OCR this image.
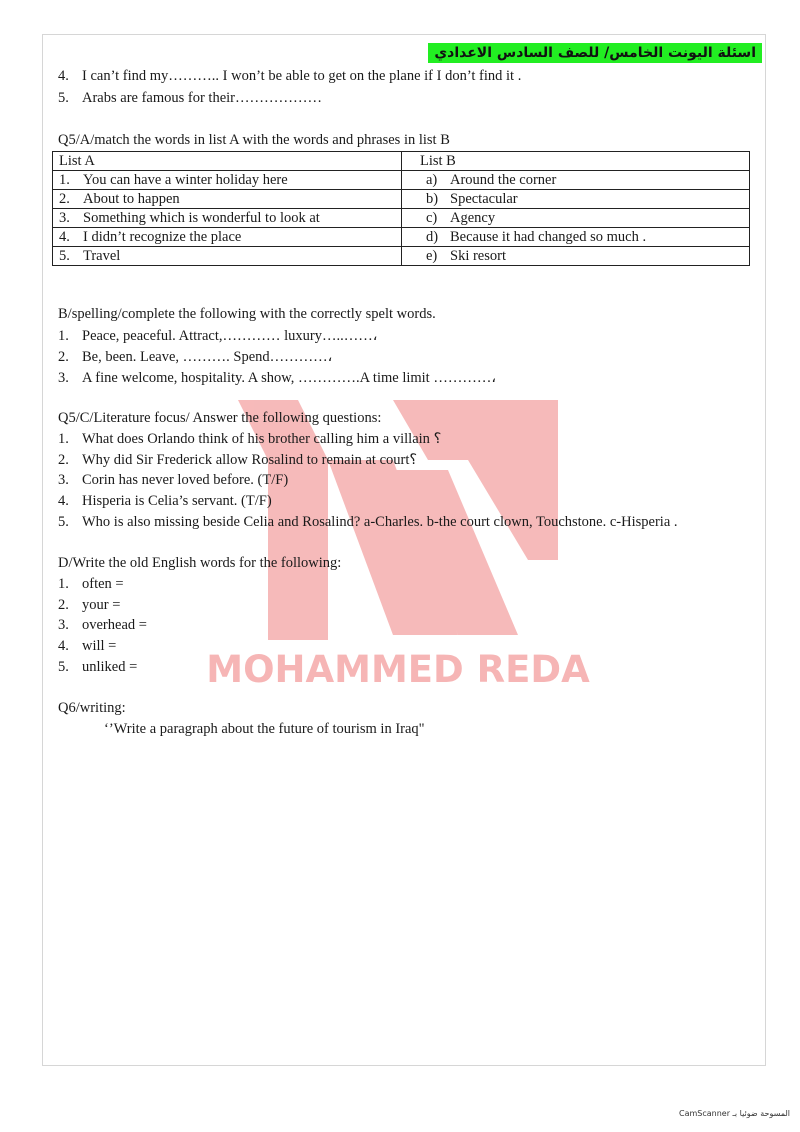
MOHAMMED REDA
اسئلة اليونت الخامس/ للصف السادس الاعدادي
4. I can’t find my……….. I won’t be able to get on the plane if I don’t find it .
5. Arabs are famous for their………………
Q5/A/match the words in list A with the words and phrases in list B
List A	List B
1. You can have a winter holiday here	a) Around the corner
2. About to happen	b) Spectacular
3. Something which is wonderful to look at	c) Agency
4. I didn’t recognize the place	d) Because it had changed so much .
5. Travel	e) Ski resort
B/spelling/complete the following with the correctly spelt words.
1. Peace, peaceful. Attract,………… luxury…..……،
2. Be, been. Leave, ………. Spend…………،
3. A fine welcome, hospitality. A show, ………….A time limit …………،
Q5/C/Literature focus/ Answer the following questions:
1. What does Orlando think of his brother calling him a villain ؟
2. Why did Sir Frederick allow Rosalind to remain at court؟
3. Corin has never loved before. (T/F)
4. Hisperia is Celia’s servant. (T/F)
5. Who is also missing beside Celia and Rosalind? a-Charles. b-the court clown, Touchstone. c-Hisperia .
D/Write the old English words for the following:
1. often =
2. your =
3. overhead =
4. will =
5. unliked =
Q6/writing:
‘’Write a paragraph about the future of tourism in Iraq"
CamScanner المسوحة ضوئيا بـ
